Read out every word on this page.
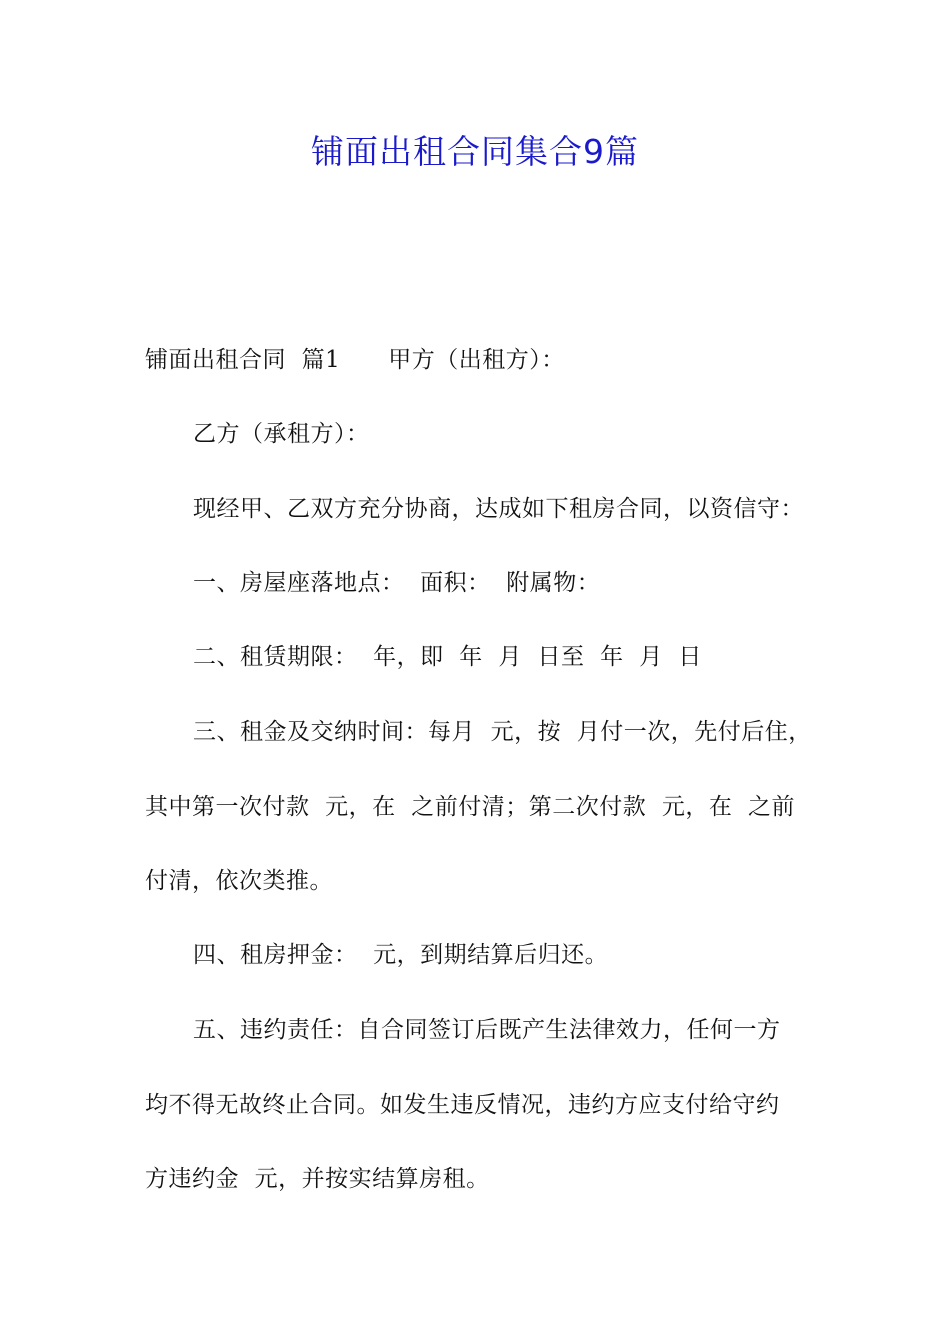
铺面出租合同集合9篇
铺面出租合同  篇1 甲方（出租方）：
乙方（承租方）：
现经甲、乙双方充分协商，达成如下租房合同，以资信守：
一、房屋座落地点：  面积：  附属物：
二、租赁期限：  年，即  年  月  日至  年  月  日
三、租金及交纳时间：每月  元，按  月付一次，先付后住，
其中第一次付款  元，在  之前付清；第二次付款  元，在  之前
付清，依次类推。
四、租房押金：  元，到期结算后归还。
五、违约责任：自合同签订后既产生法律效力，任何一方
均不得无故终止合同。如发生违反情况，违约方应支付给守约
方违约金  元，并按实结算房租。
